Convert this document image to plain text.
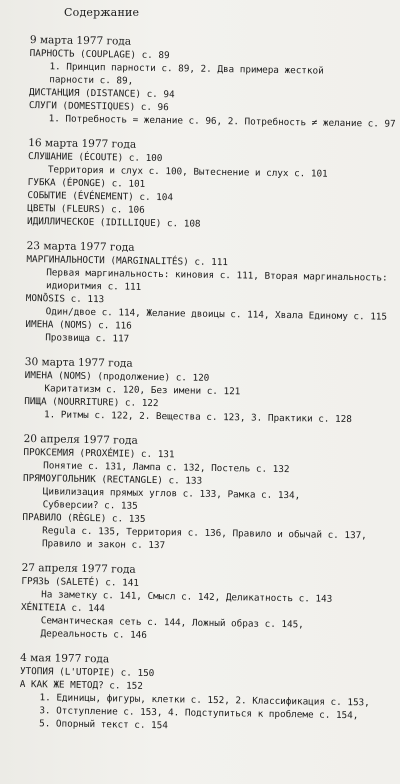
Содержание
9 марта 1977 года
ПАРНОСТЬ (COUPLAGE) с. 89
1. Принцип парности с. 89, 2. Два примера жесткой
парности с. 89,
ДИСТАНЦИЯ (DISTANCE) с. 94
СЛУГИ (DOMESTIQUES) с. 96
1. Потребность = желание с. 96, 2. Потребность ≠ желание с. 97
16 марта 1977 года
СЛУШАНИЕ (ÉCOUTE) с. 100
Территория и слух с. 100, Вытеснение и слух с. 101
ГУБКА (ÉPONGE) с. 101
СОБЫТИЕ (ÉVÉNEMENT) с. 104
ЦВЕТЫ (FLEURS) с. 106
ИДИЛЛИЧЕСКОЕ (IDILLIQUE) с. 108
23 марта 1977 года
МАРГИНАЛЬНОСТИ (MARGINALITÉS) с. 111
Первая маргинальность: киновия с. 111, Вторая маргинальность:
идиоритмия с. 111
MONŌSIS с. 113
Один/двое с. 114, Желание двоицы с. 114, Хвала Единому с. 115
ИМЕНА (NOMS) с. 116
Прозвища с. 117
30 марта 1977 года
ИМЕНА (NOMS) (продолжение) с. 120
Каритатизм с. 120, Без имени с. 121
ПИЩА (NOURRITURE) с. 122
1. Ритмы с. 122, 2. Вещества с. 123, 3. Практики с. 128
20 апреля 1977 года
ПРОКСЕМИЯ (PROXÉMIE) с. 131
Понятие с. 131, Лампа с. 132, Постель с. 132
ПРЯМОУГОЛЬНИК (RECTANGLE) с. 133
Цивилизация прямых углов с. 133, Рамка с. 134,
Субверсии? с. 135
ПРАВИЛО (RÈGLE) с. 135
Regula с. 135, Территория с. 136, Правило и обычай с. 137,
Правило и закон с. 137
27 апреля 1977 года
ГРЯЗЬ (SALETÉ) с. 141
На заметку с. 141, Смысл с. 142, Деликатность с. 143
XÉNITEIA с. 144
Семантическая сеть с. 144, Ложный образ с. 145,
Дереальность с. 146
4 мая 1977 года
УТОПИЯ (L'UTOPIE) с. 150
А КАК ЖЕ МЕТОД? с. 152
1. Единицы, фигуры, клетки с. 152, 2. Классификация с. 153,
3. Отступление с. 153, 4. Подступиться к проблеме с. 154,
5. Опорный текст с. 154
